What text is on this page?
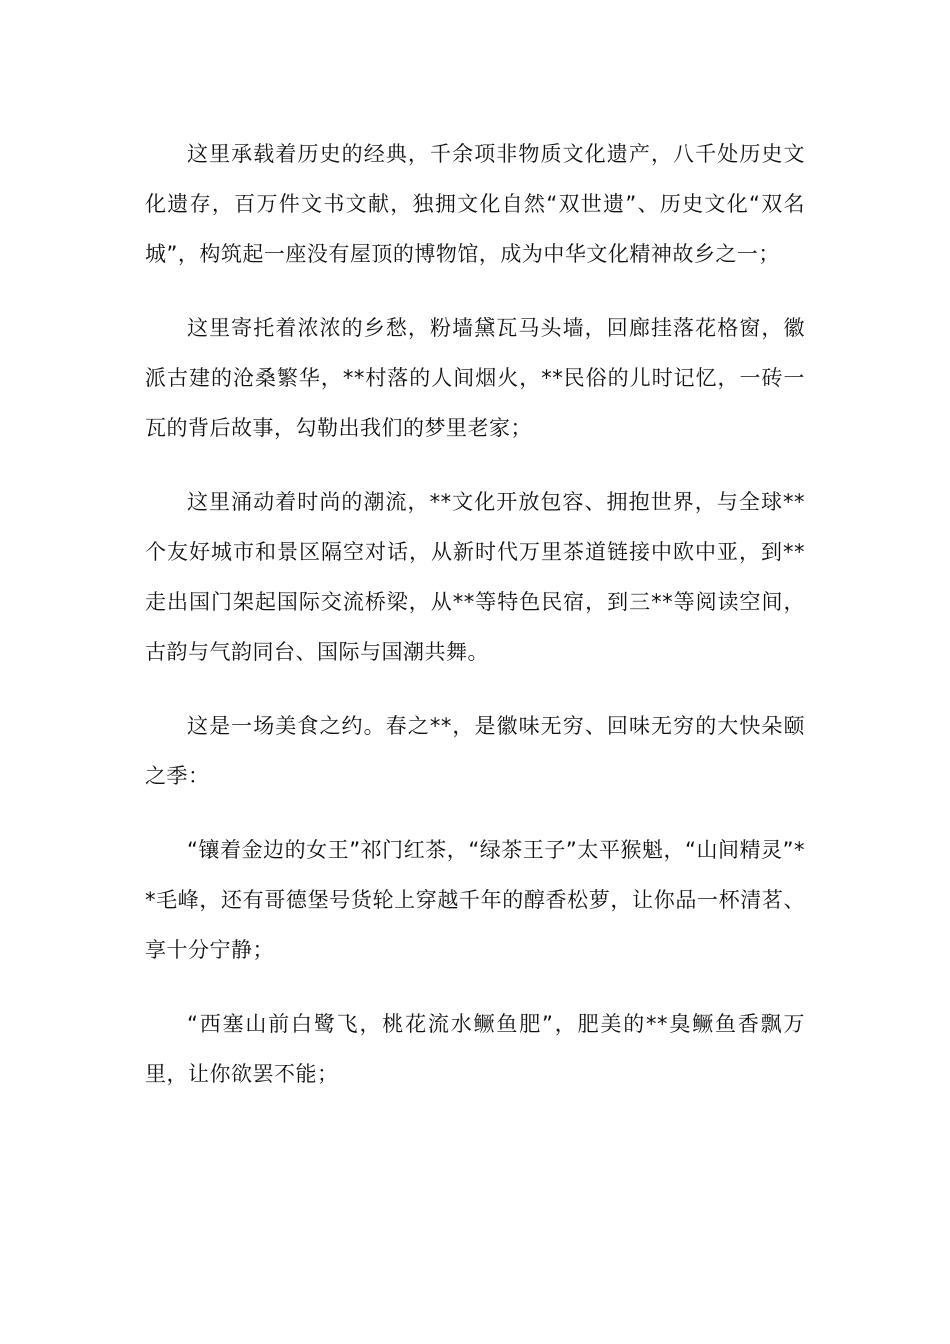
这里承载着历史的经典，千余项非物质文化遗产，八千处历史文化遗存，百万件文书文献，独拥文化自然“双世遗”、历史文化“双名城”，构筑起一座没有屋顶的博物馆，成为中华文化精神故乡之一；

这里寄托着浓浓的乡愁，粉墙黛瓦马头墙，回廊挂落花格窗，徽派古建的沧桑繁华，**村落的人间烟火，**民俗的儿时记忆，一砖一瓦的背后故事，勾勒出我们的梦里老家；

这里涌动着时尚的潮流，**文化开放包容、拥抱世界，与全球**个友好城市和景区隔空对话，从新时代万里茶道链接中欧中亚，到**走出国门架起国际交流桥梁，从**等特色民宿，到三**等阅读空间，古韵与气韵同台、国际与国潮共舞。

这是一场美食之约。春之**，是徽味无穷、回味无穷的大快朵颐之季：

“镶着金边的女王”祁门红茶，“绿茶王子”太平猴魁，“山间精灵”**毛峰，还有哥德堡号货轮上穿越千年的醇香松萝，让你品一杯清茗、享十分宁静；

“西塞山前白鹭飞，桃花流水鳜鱼肥”，肥美的**臭鳜鱼香飘万里，让你欲罢不能；
